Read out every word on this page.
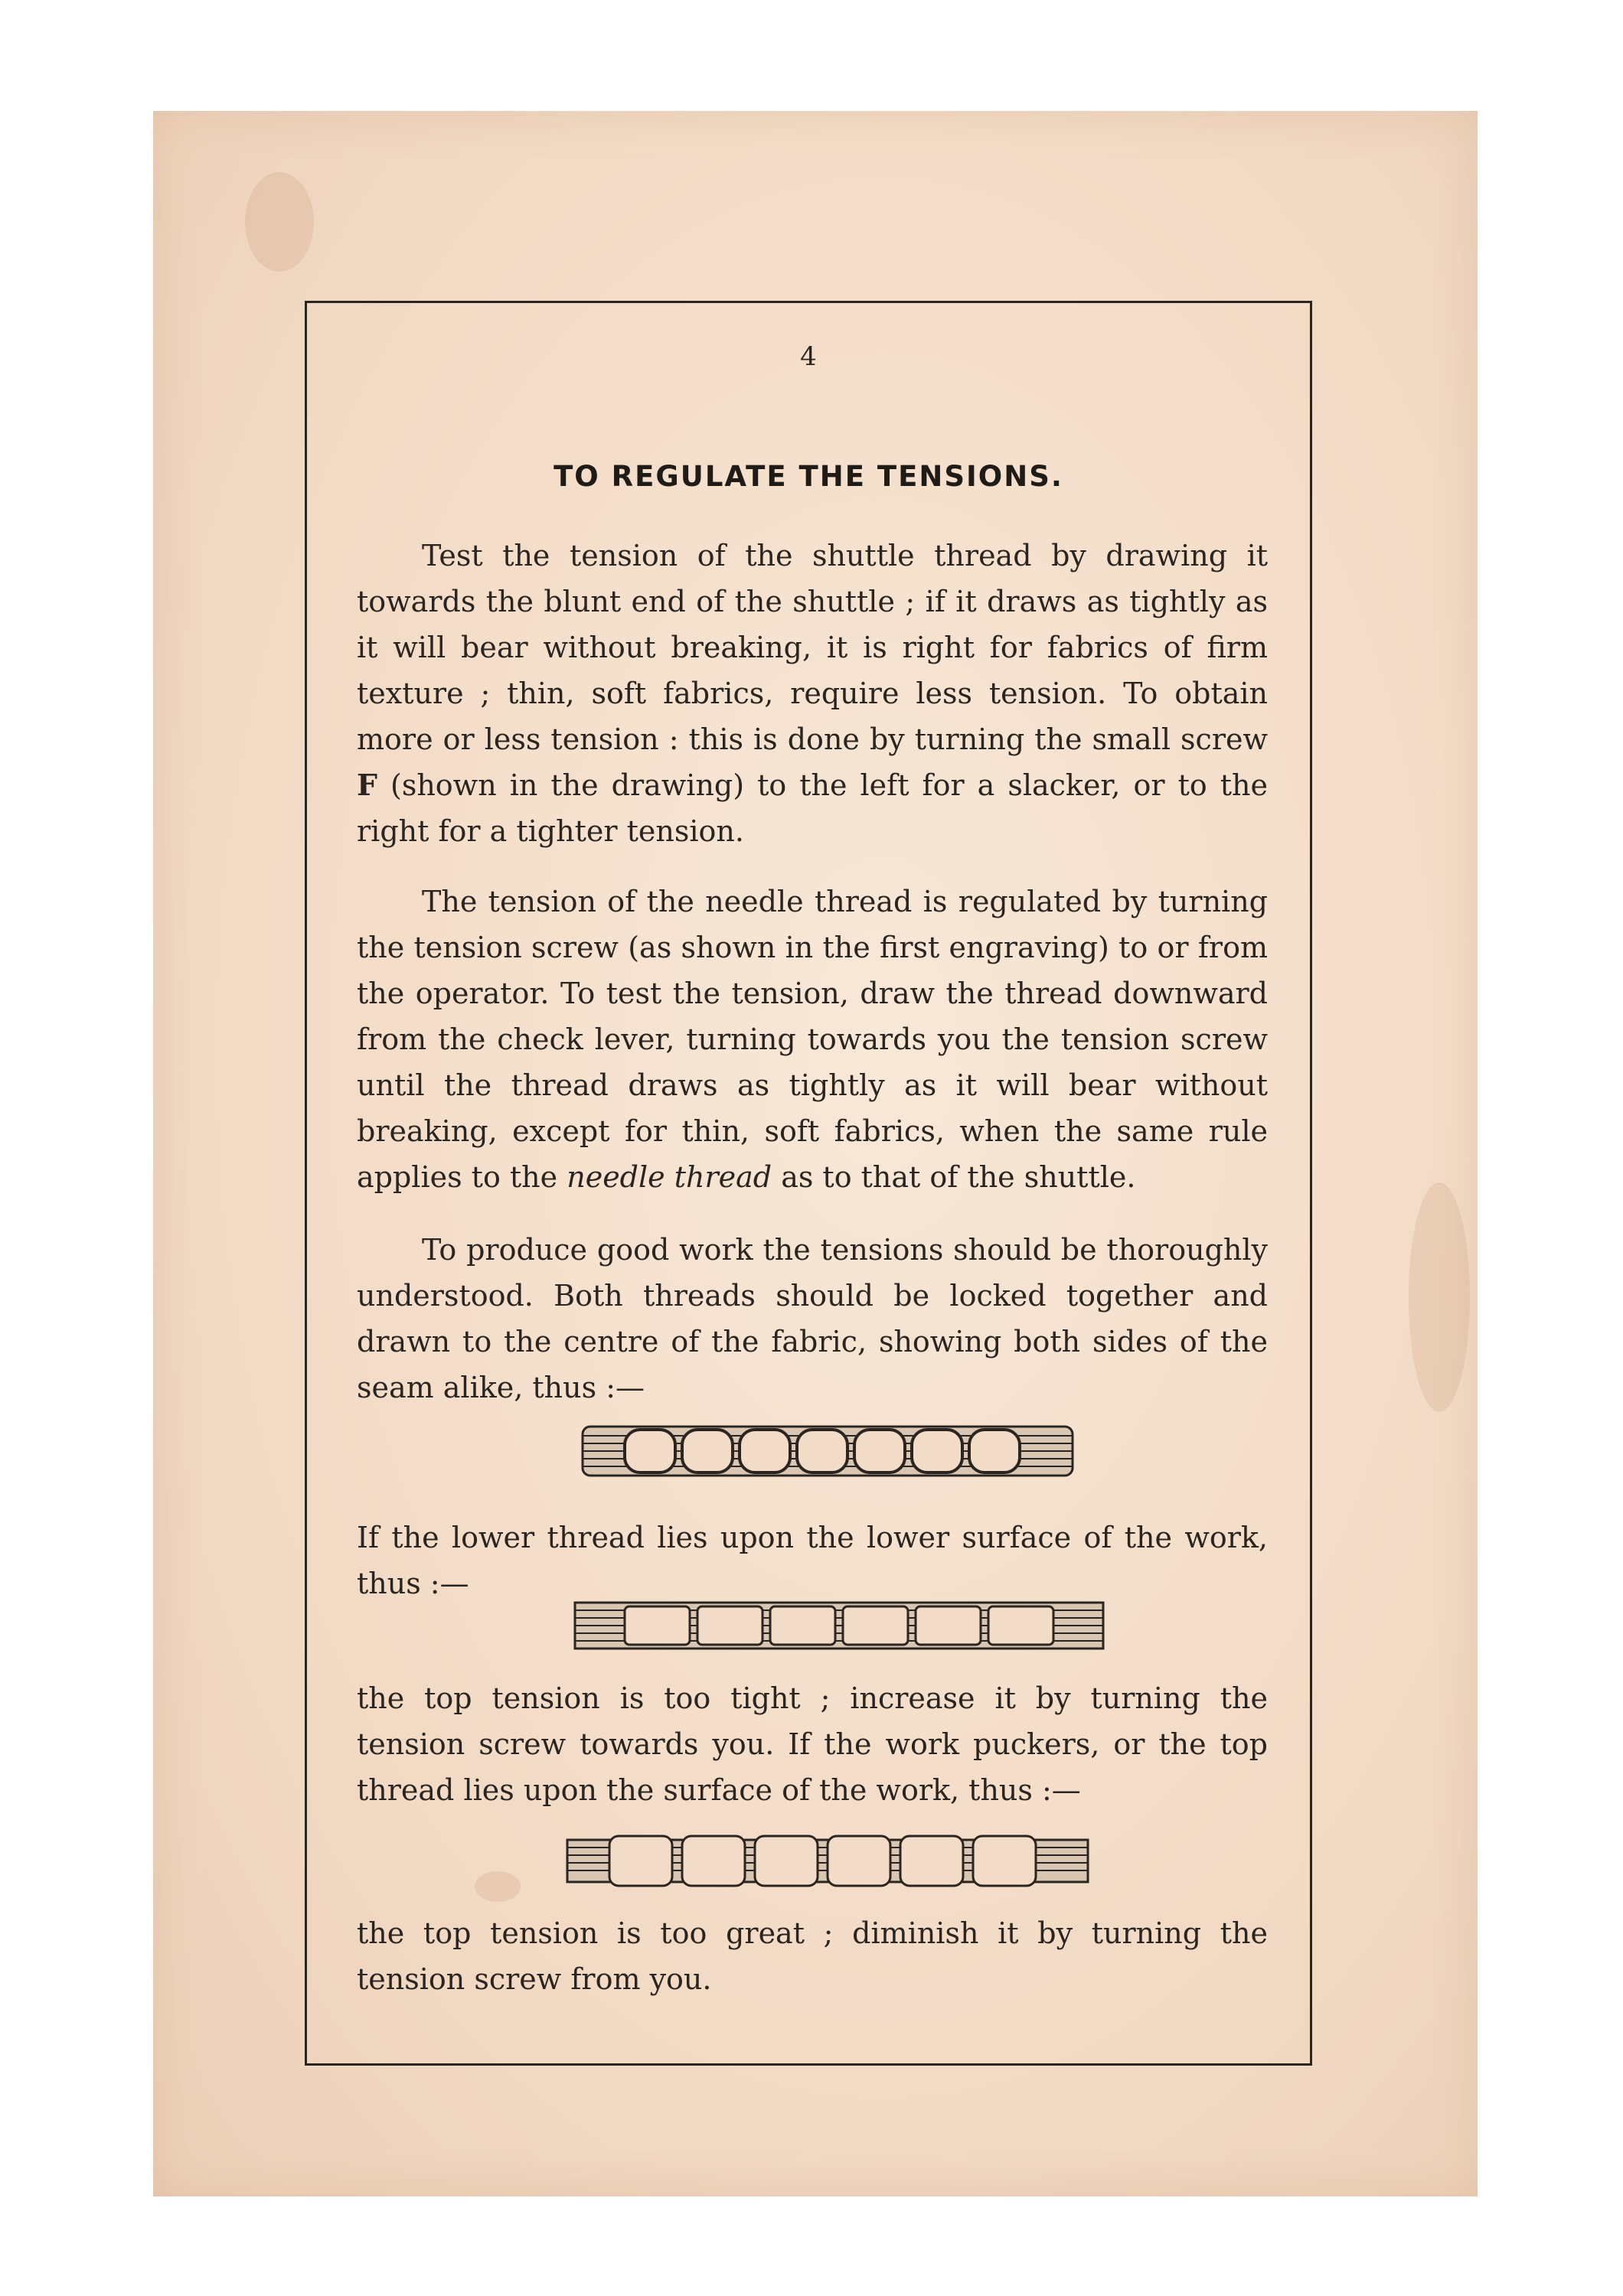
4
TO REGULATE THE TENSIONS.

Test the tension of the shuttle thread by drawing it towards the blunt end of the shuttle ; if it draws as tightly as it will bear without breaking, it is right for fabrics of firm texture ; thin, soft fabrics, require less tension. To obtain more or less tension : this is done by turning the small screw F (shown in the drawing) to the left for a slacker, or to the right for a tighter tension.

The tension of the needle thread is regulated by turning the tension screw (as shown in the first engraving) to or from the operator. To test the tension, draw the thread downward from the check lever, turning towards you the tension screw until the thread draws as tightly as it will bear without breaking, except for thin, soft fabrics, when the same rule applies to the needle thread as to that of the shuttle.

To produce good work the tensions should be thoroughly understood. Both threads should be locked together and drawn to the centre of the fabric, showing both sides of the seam alike, thus :—

If the lower thread lies upon the lower surface of the work, thus :—

the top tension is too tight ; increase it by turning the tension screw towards you. If the work puckers, or the top thread lies upon the surface of the work, thus :—

the top tension is too great ; diminish it by turning the tension screw from you.
